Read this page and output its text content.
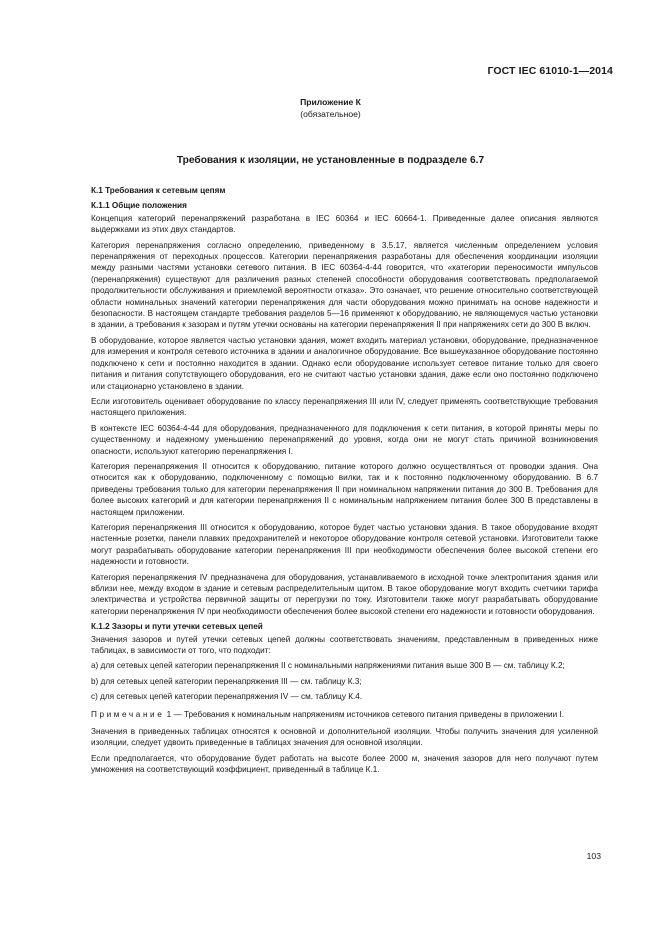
ГОСТ IEC 61010-1—2014
Приложение К
(обязательное)
Требования к изоляции, не установленные в подразделе 6.7
К.1 Требования к сетевым цепям
К.1.1 Общие положения

Концепция категорий перенапряжений разработана в IEC 60364 и IEC 60664-1. Приведенные далее описания являются выдержками из этих двух стандартов.

Категория перенапряжения согласно определению, приведенному в 3.5.17, является численным определением условия перенапряжения от переходных процессов. Категории перенапряжения разработаны для обеспечения координации изоляции между разными частями установки сетевого питания. В IEC 60364-4-44 говорится, что «категории переносимости импульсов (перенапряжения) существуют для различения разных степеней способности оборудования соответствовать предполагаемой продолжительности обслуживания и приемлемой вероятности отказа». Это означает, что решение относительно соответствующей области номинальных значений категории перенапряжения для части оборудования можно принимать на основе надежности и безопасности. В настоящем стандарте требования разделов 5—16 применяют к оборудованию, не являющемуся частью установки в здании, а требования к зазорам и путям утечки основаны на категории перенапряжения II при напряжениях сети до 300 В включ.

В оборудование, которое является частью установки здания, может входить материал установки, оборудование, предназначенное для измерения и контроля сетевого источника в здании и аналогичное оборудование. Все вышеуказанное оборудование постоянно подключено к сети и постоянно находится в здании. Однако если оборудование использует сетевое питание только для своего питания и питания сопутствующего оборудования, его не считают частью установки здания, даже если оно постоянно подключено или стационарно установлено в здании.

Если изготовитель оценивает оборудование по классу перенапряжения III или IV, следует применять соответствующие требования настоящего приложения.

В контексте IEC 60364-4-44 для оборудования, предназначенного для подключения к сети питания, в которой приняты меры по существенному и надежному уменьшению перенапряжений до уровня, когда они не могут стать причиной возникновения опасности, используют категорию перенапряжения I.

Категория перенапряжения II относится к оборудованию, питание которого должно осуществляться от проводки здания. Она относится как к оборудованию, подключенному с помощью вилки, так и к постоянно подключенному оборудованию. В 6.7 приведены требования только для категории перенапряжения II при номинальном напряжении питания до 300 В. Требования для более высоких категорий и для категории перенапряжения II с номинальным напряжением питания более 300 В представлены в настоящем приложении.

Категория перенапряжения III относится к оборудованию, которое будет частью установки здания. В такое оборудование входят настенные розетки, панели плавких предохранителей и некоторое оборудование контроля сетевой установки. Изготовители также могут разрабатывать оборудование категории перенапряжения III при необходимости обеспечения более высокой степени его надежности и готовности.

Категория перенапряжения IV предназначена для оборудования, устанавливаемого в исходной точке электропитания здания или вблизи нее, между входом в здание и сетевым распределительным щитом. В такое оборудование могут входить счетчики тарифа электричества и устройства первичной защиты от перегрузки по току. Изготовители также могут разрабатывать оборудование категории перенапряжения IV при необходимости обеспечения более высокой степени его надежности и готовности оборудования.

К.1.2 Зазоры и пути утечки сетевых цепей

Значения зазоров и путей утечки сетевых цепей должны соответствовать значениям, представленным в приведенных ниже таблицах, в зависимости от того, что подходит:

a) для сетевых цепей категории перенапряжения II с номинальными напряжениями питания выше 300 В — см. таблицу К.2;

b) для сетевых цепей категории перенапряжения III — см. таблицу К.3;

c) для сетевых цепей категории перенапряжения IV — см. таблицу К.4.

Примечание 1 — Требования к номинальным напряжениям источников сетевого питания приведены в приложении I.

Значения в приведенных таблицах относятся к основной и дополнительной изоляции. Чтобы получить значения для усиленной изоляции, следует удвоить приведенные в таблицах значения для основной изоляции.

Если предполагается, что оборудование будет работать на высоте более 2000 м, значения зазоров для него получают путем умножения на соответствующий коэффициент, приведенный в таблице К.1.

103
